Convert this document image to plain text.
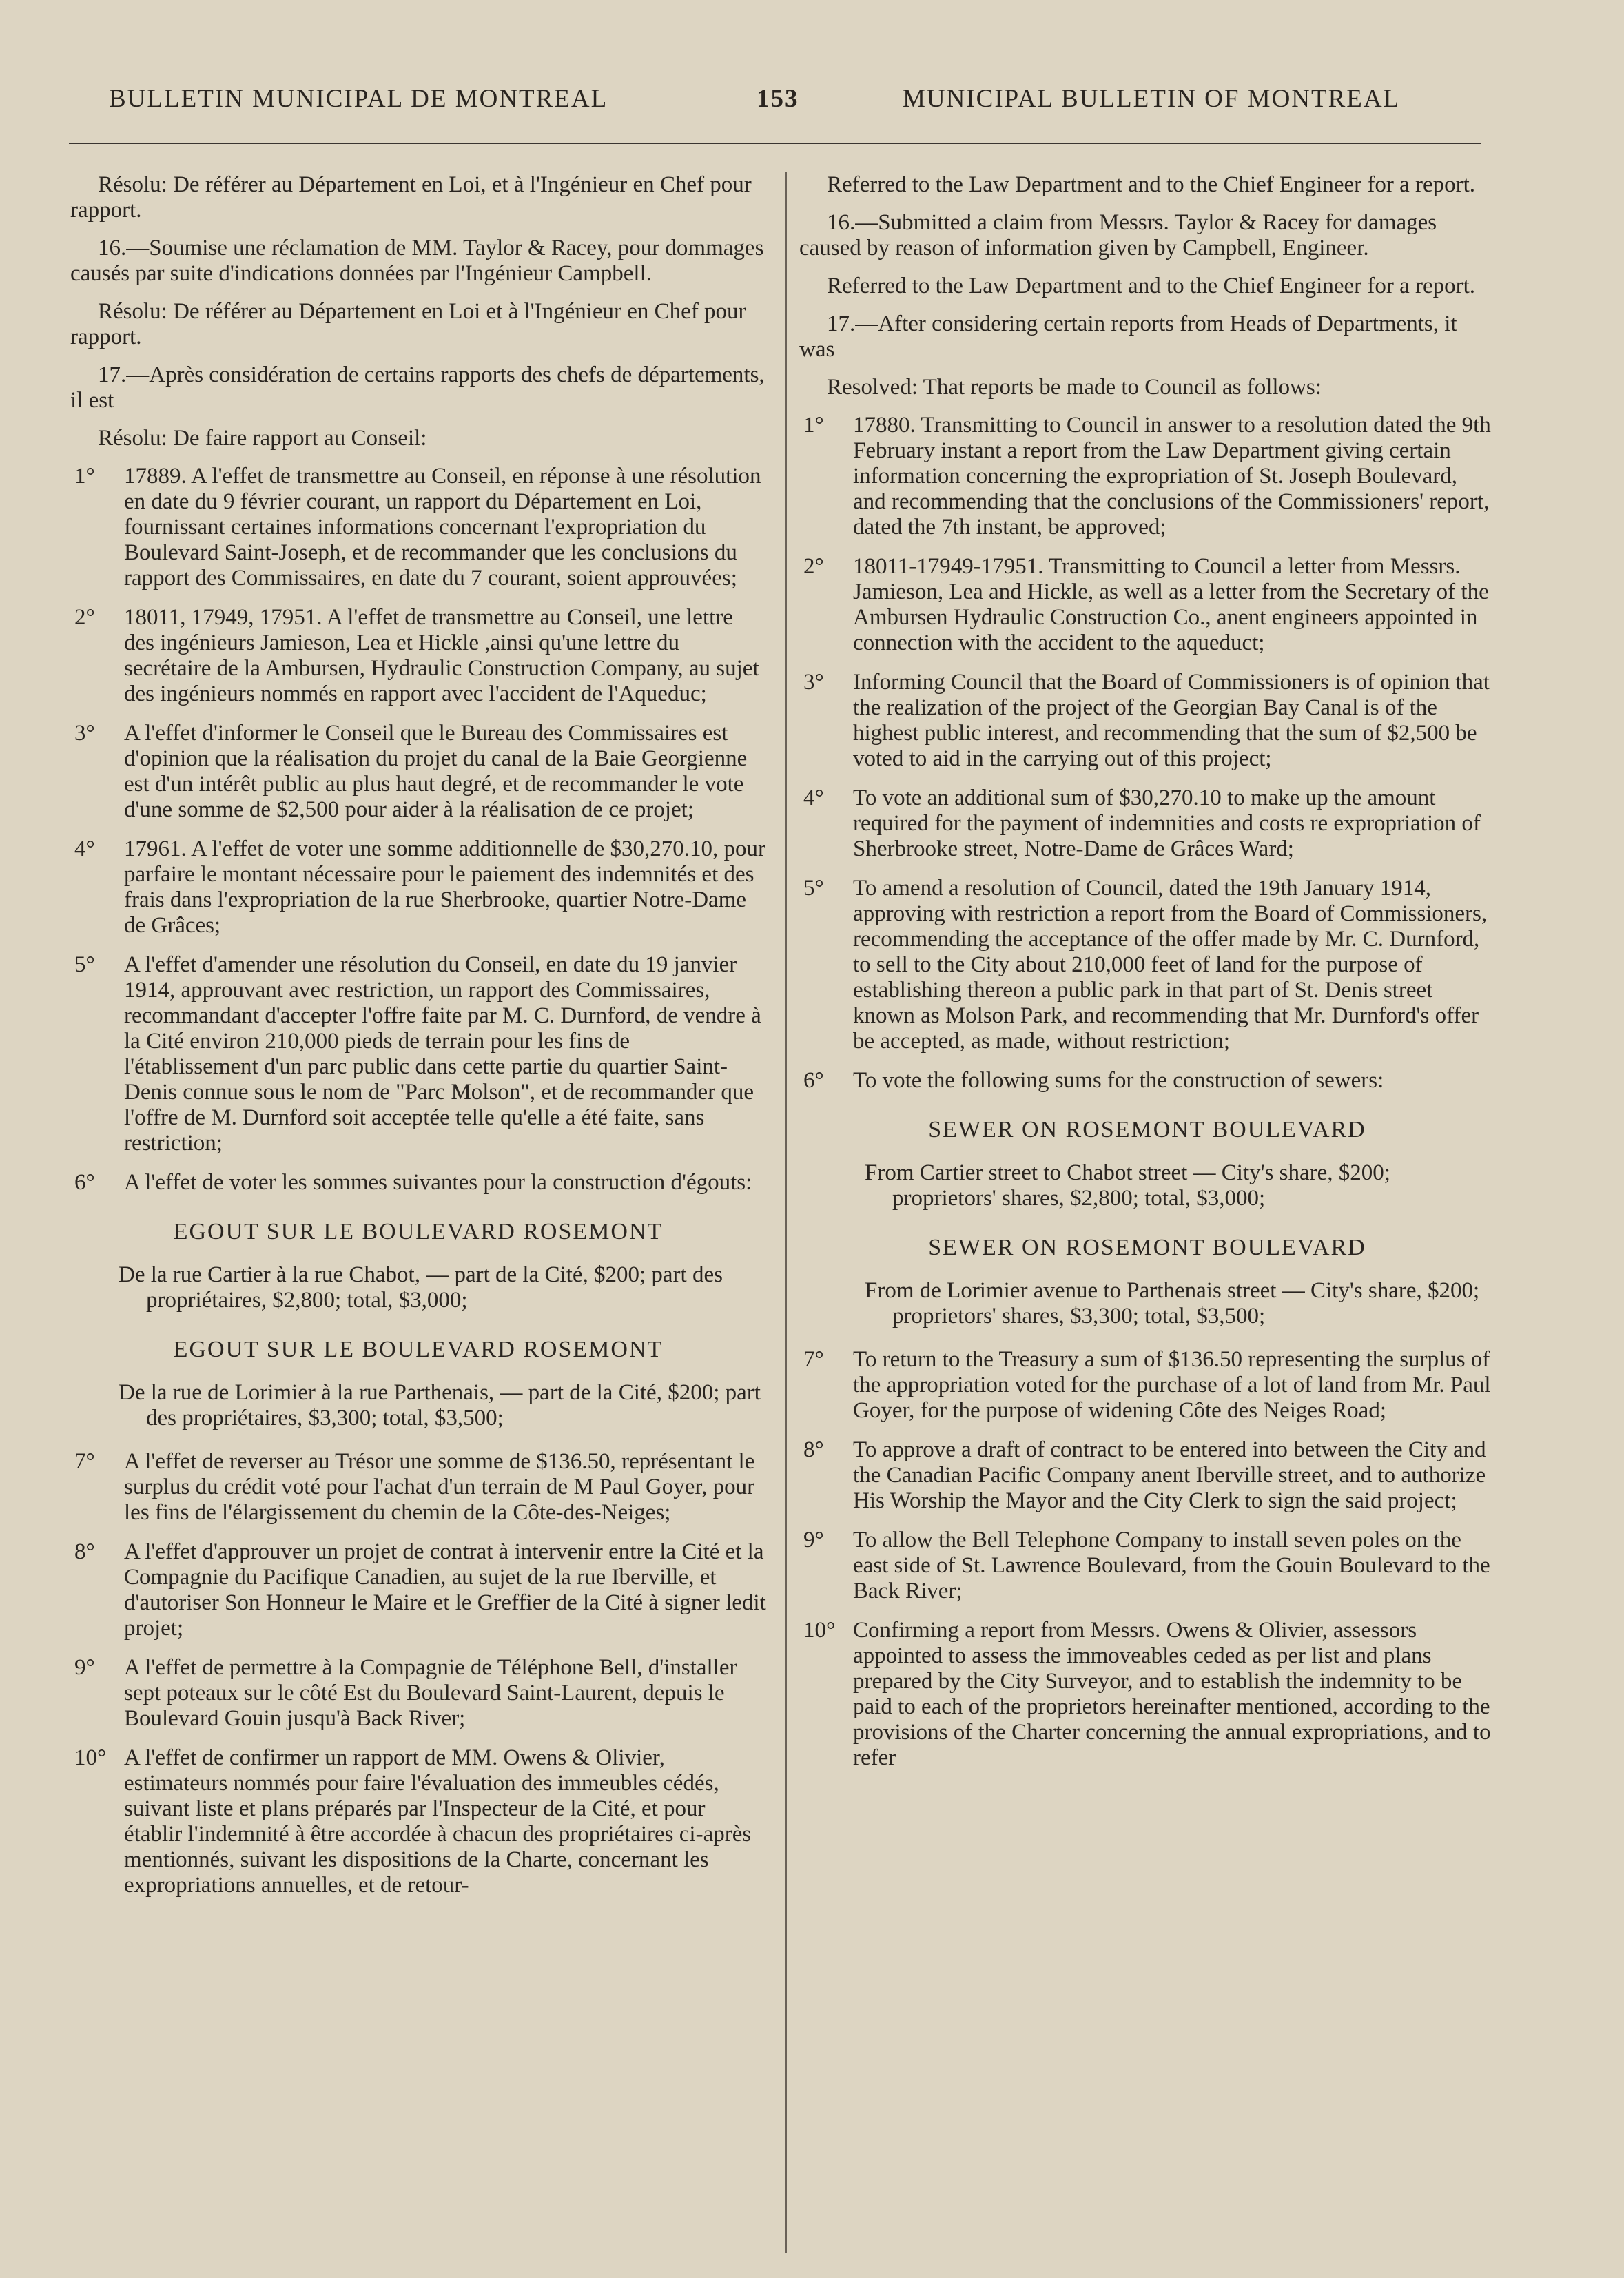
BULLETIN MUNICIPAL DE MONTREAL	153	MUNICIPAL BULLETIN OF MONTREAL

Résolu: De référer au Département en Loi, et à l'Ingénieur en Chef pour rapport.

16.—Soumise une réclamation de MM. Taylor & Racey, pour dommages causés par suite d'indications données par l'Ingénieur Campbell.

Résolu: De référer au Département en Loi et à l'Ingénieur en Chef pour rapport.

17.—Après considération de certains rapports des chefs de départements, il est

Résolu: De faire rapport au Conseil:

1° 17889. A l'effet de transmettre au Conseil, en réponse à une résolution en date du 9 février courant, un rapport du Département en Loi, fournissant certaines informations concernant l'expropriation du Boulevard Saint-Joseph, et de recommander que les conclusions du rapport des Commissaires, en date du 7 courant, soient approuvées;
2° 18011, 17949, 17951. A l'effet de transmettre au Conseil, une lettre des ingénieurs Jamieson, Lea et Hickle ,ainsi qu'une lettre du secrétaire de la Ambursen, Hydraulic Construction Company, au sujet des ingénieurs nommés en rapport avec l'accident de l'Aqueduc;
3° A l'effet d'informer le Conseil que le Bureau des Commissaires est d'opinion que la réalisation du projet du canal de la Baie Georgienne est d'un intérêt public au plus haut degré, et de recommander le vote d'une somme de $2,500 pour aider à la réalisation de ce projet;
4° 17961. A l'effet de voter une somme additionnelle de $30,270.10, pour parfaire le montant nécessaire pour le paiement des indemnités et des frais dans l'expropriation de la rue Sherbrooke, quartier Notre-Dame de Grâces;
5° A l'effet d'amender une résolution du Conseil, en date du 19 janvier 1914, approuvant avec restriction, un rapport des Commissaires, recommandant d'accepter l'offre faite par M. C. Durnford, de vendre à la Cité environ 210,000 pieds de terrain pour les fins de l'établissement d'un parc public dans cette partie du quartier Saint-Denis connue sous le nom de "Parc Molson", et de recommander que l'offre de M. Durnford soit acceptée telle qu'elle a été faite, sans restriction;
6° A l'effet de voter les sommes suivantes pour la construction d'égouts:
EGOUT SUR LE BOULEVARD ROSEMONT

De la rue Cartier à la rue Chabot, — part de la Cité, $200; part des propriétaires, $2,800; total, $3,000;

EGOUT SUR LE BOULEVARD ROSEMONT

De la rue de Lorimier à la rue Parthenais, — part de la Cité, $200; part des propriétaires, $3,300; total, $3,500;

7° A l'effet de reverser au Trésor une somme de $136.50, représentant le surplus du crédit voté pour l'achat d'un terrain de M Paul Goyer, pour les fins de l'élargissement du chemin de la Côte-des-Neiges;
8° A l'effet d'approuver un projet de contrat à intervenir entre la Cité et la Compagnie du Pacifique Canadien, au sujet de la rue Iberville, et d'autoriser Son Honneur le Maire et le Greffier de la Cité à signer ledit projet;
9° A l'effet de permettre à la Compagnie de Téléphone Bell, d'installer sept poteaux sur le côté Est du Boulevard Saint-Laurent, depuis le Boulevard Gouin jusqu'à Back River;
10° A l'effet de confirmer un rapport de MM. Owens & Olivier, estimateurs nommés pour faire l'évaluation des immeubles cédés, suivant liste et plans préparés par l'Inspecteur de la Cité, et pour établir l'indemnité à être accordée à chacun des propriétaires ci-après mentionnés, suivant les dispositions de la Charte, concernant les expropriations annuelles, et de retour-

Referred to the Law Department and to the Chief Engineer for a report.

16.—Submitted a claim from Messrs. Taylor & Racey for damages caused by reason of information given by Campbell, Engineer.

Referred to the Law Department and to the Chief Engineer for a report.

17.—After considering certain reports from Heads of Departments, it was

Resolved: That reports be made to Council as follows:

1° 17880. Transmitting to Council in answer to a resolution dated the 9th February instant a report from the Law Department giving certain information concerning the expropriation of St. Joseph Boulevard, and recommending that the conclusions of the Commissioners' report, dated the 7th instant, be approved;
2° 18011-17949-17951. Transmitting to Council a letter from Messrs. Jamieson, Lea and Hickle, as well as a letter from the Secretary of the Ambursen Hydraulic Construction Co., anent engineers appointed in connection with the accident to the aqueduct;
3° Informing Council that the Board of Commissioners is of opinion that the realization of the project of the Georgian Bay Canal is of the highest public interest, and recommending that the sum of $2,500 be voted to aid in the carrying out of this project;
4° To vote an additional sum of $30,270.10 to make up the amount required for the payment of indemnities and costs re expropriation of Sherbrooke street, Notre-Dame de Grâces Ward;
5° To amend a resolution of Council, dated the 19th January 1914, approving with restriction a report from the Board of Commissioners, recommending the acceptance of the offer made by Mr. C. Durnford, to sell to the City about 210,000 feet of land for the purpose of establishing thereon a public park in that part of St. Denis street known as Molson Park, and recommending that Mr. Durnford's offer be accepted, as made, without restriction;
6° To vote the following sums for the construction of sewers:
SEWER ON ROSEMONT BOULEVARD

From Cartier street to Chabot street — City's share, $200; proprietors' shares, $2,800; total, $3,000;

SEWER ON ROSEMONT BOULEVARD

From de Lorimier avenue to Parthenais street — City's share, $200; proprietors' shares, $3,300; total, $3,500;

7° To return to the Treasury a sum of $136.50 representing the surplus of the appropriation voted for the purchase of a lot of land from Mr. Paul Goyer, for the purpose of widening Côte des Neiges Road;
8° To approve a draft of contract to be entered into between the City and the Canadian Pacific Company anent Iberville street, and to authorize His Worship the Mayor and the City Clerk to sign the said project;
9° To allow the Bell Telephone Company to install seven poles on the east side of St. Lawrence Boulevard, from the Gouin Boulevard to the Back River;
10° Confirming a report from Messrs. Owens & Olivier, assessors appointed to assess the immoveables ceded as per list and plans prepared by the City Surveyor, and to establish the indemnity to be paid to each of the proprietors hereinafter mentioned, according to the provisions of the Charter concerning the annual expropriations, and to refer
